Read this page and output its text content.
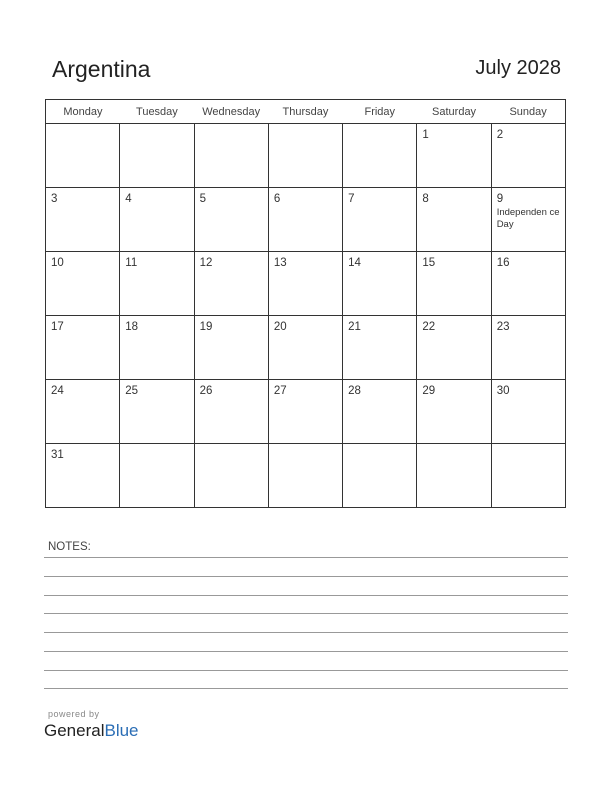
Argentina	July 2028
Monday	Tuesday	Wednesday	Thursday	Friday	Saturday	Sunday

					1	2

3	4	5	6	7	8	9
Independen ce Day

10	11	12	13	14	15	16

17	18	19	20	21	22	23

24	25	26	27	28	29	30

31						

NOTES:
powered by
GeneralBlue
